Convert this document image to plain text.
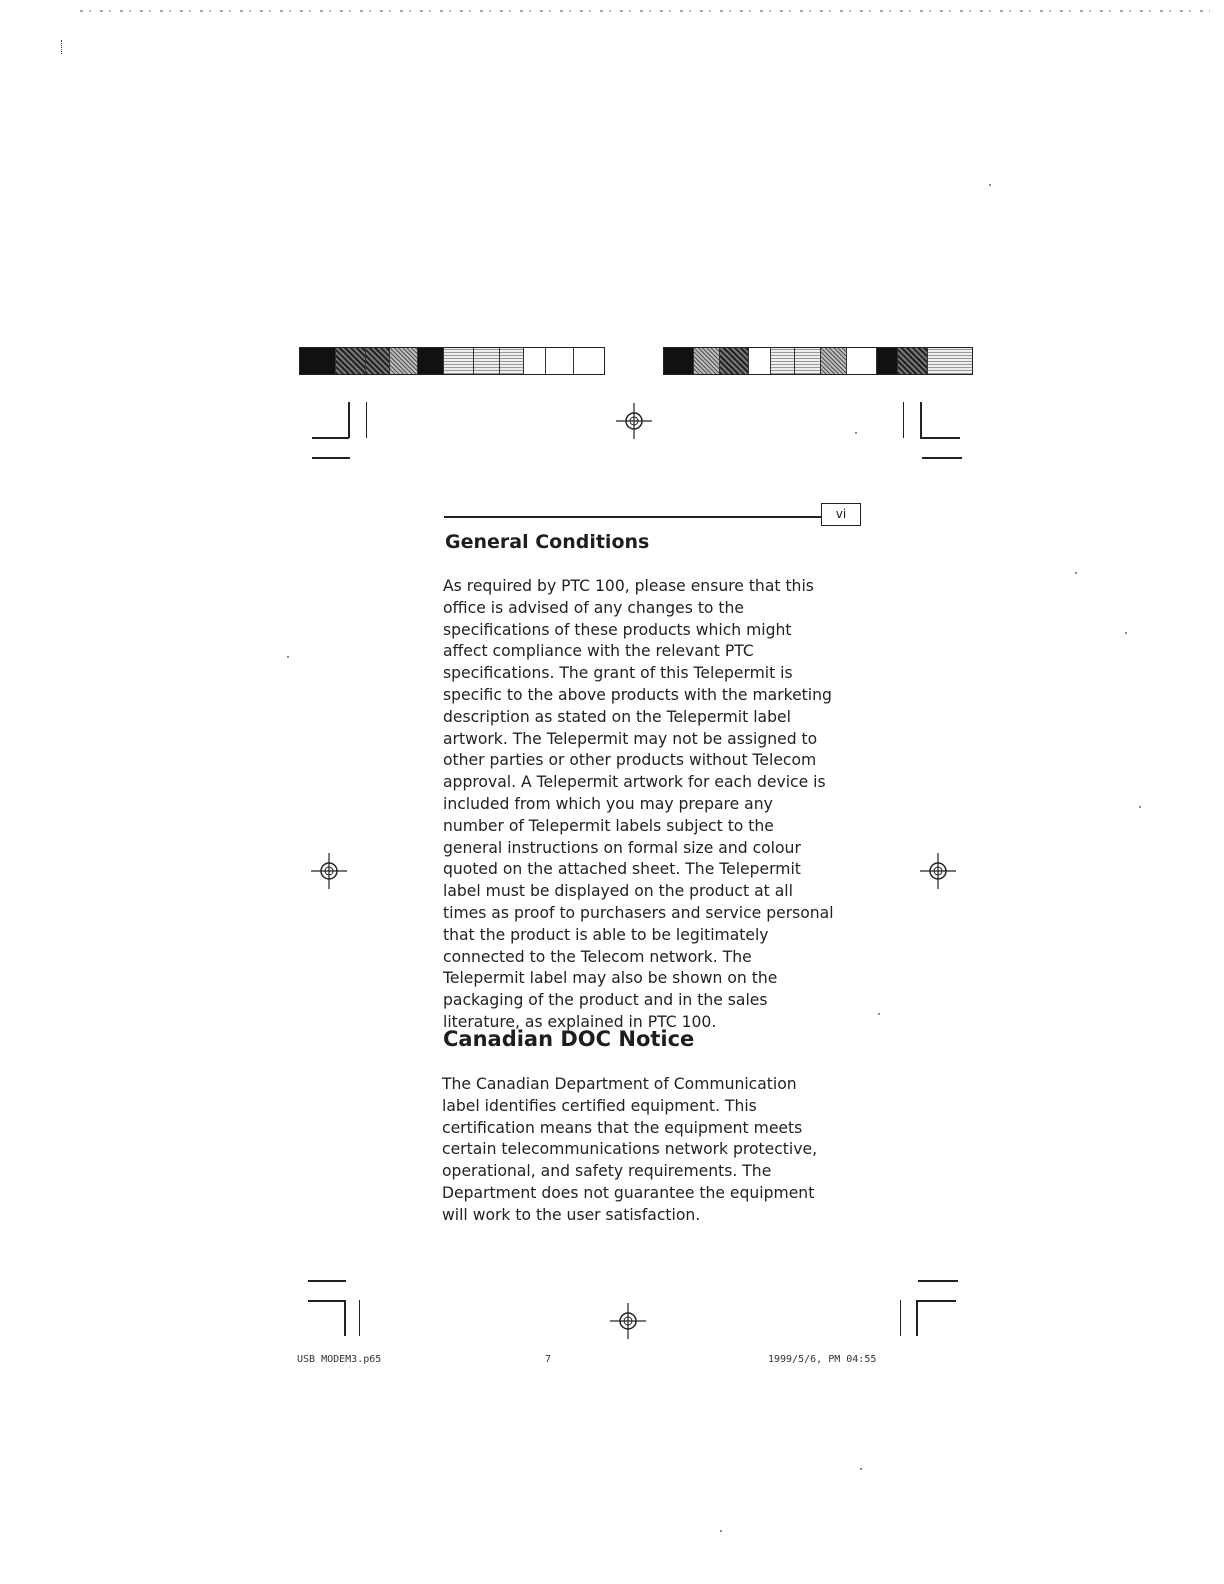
vi
General Conditions

As required by PTC 100, please ensure that this office is advised of any changes to the specifications of these products which might affect compliance with the relevant PTC specifications. The grant of this Telepermit is specific to the above products with the marketing description as stated on the Telepermit label artwork. The Telepermit may not be assigned to other parties or other products without Telecom approval. A Telepermit artwork for each device is included from which you may prepare any number of Telepermit labels subject to the general instructions on formal size and colour quoted on the attached sheet. The Telepermit label must be displayed on the product at all times as proof to purchasers and service personal that the product is able to be legitimately connected to the Telecom network. The Telepermit label may also be shown on the packaging of the product and in the sales literature, as explained in PTC 100.

Canadian DOC Notice

The Canadian Department of Communication label identifies certified equipment. This certification means that the equipment meets certain telecommunications network protective, operational, and safety requirements. The Department does not guarantee the equipment will work to the user satisfaction.

USB MODEM3.p65	7	1999/5/6, PM 04:55
